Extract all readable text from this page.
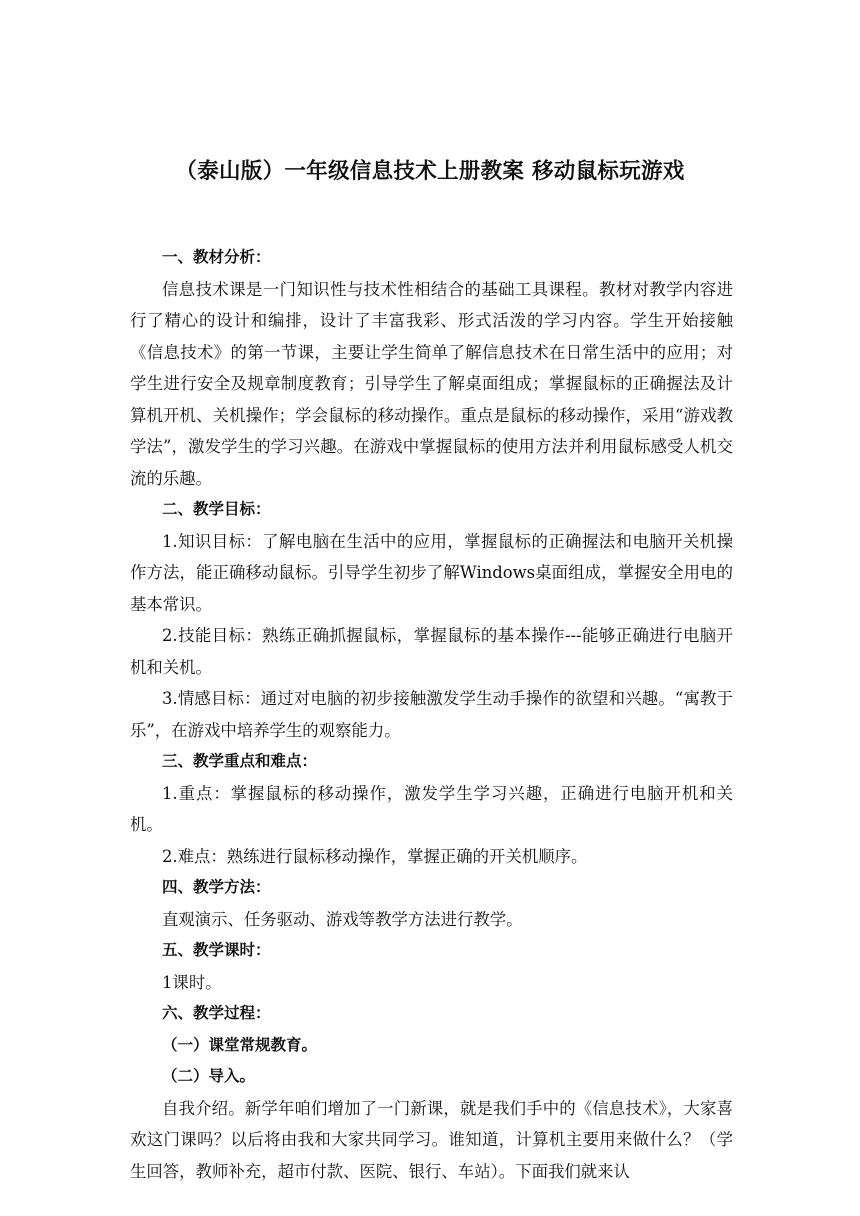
（泰山版）一年级信息技术上册教案 移动鼠标玩游戏

一、教材分析：

信息技术课是一门知识性与技术性相结合的基础工具课程。教材对教学内容进行了精心的设计和编排，设计了丰富我彩、形式活泼的学习内容。学生开始接触《信息技术》的第一节课，主要让学生简单了解信息技术在日常生活中的应用；对学生进行安全及规章制度教育；引导学生了解桌面组成；掌握鼠标的正确握法及计算机开机、关机操作；学会鼠标的移动操作。重点是鼠标的移动操作，采用“游戏教学法”，激发学生的学习兴趣。在游戏中掌握鼠标的使用方法并利用鼠标感受人机交流的乐趣。

二、教学目标：

1.知识目标：了解电脑在生活中的应用，掌握鼠标的正确握法和电脑开关机操作方法，能正确移动鼠标。引导学生初步了解Windows桌面组成，掌握安全用电的基本常识。

2.技能目标：熟练正确抓握鼠标，掌握鼠标的基本操作---能够正确进行电脑开机和关机。

3.情感目标：通过对电脑的初步接触激发学生动手操作的欲望和兴趣。“寓教于乐”，在游戏中培养学生的观察能力。

三、教学重点和难点：

1.重点：掌握鼠标的移动操作，激发学生学习兴趣，正确进行电脑开机和关机。

2.难点：熟练进行鼠标移动操作，掌握正确的开关机顺序。

四、教学方法：

直观演示、任务驱动、游戏等教学方法进行教学。

五、教学课时：

1课时。

六、教学过程：

（一）课堂常规教育。

（二）导入。

自我介绍。新学年咱们增加了一门新课，就是我们手中的《信息技术》，大家喜欢这门课吗？以后将由我和大家共同学习。谁知道，计算机主要用来做什么？（学生回答，教师补充，超市付款、医院、银行、车站）。下面我们就来认
